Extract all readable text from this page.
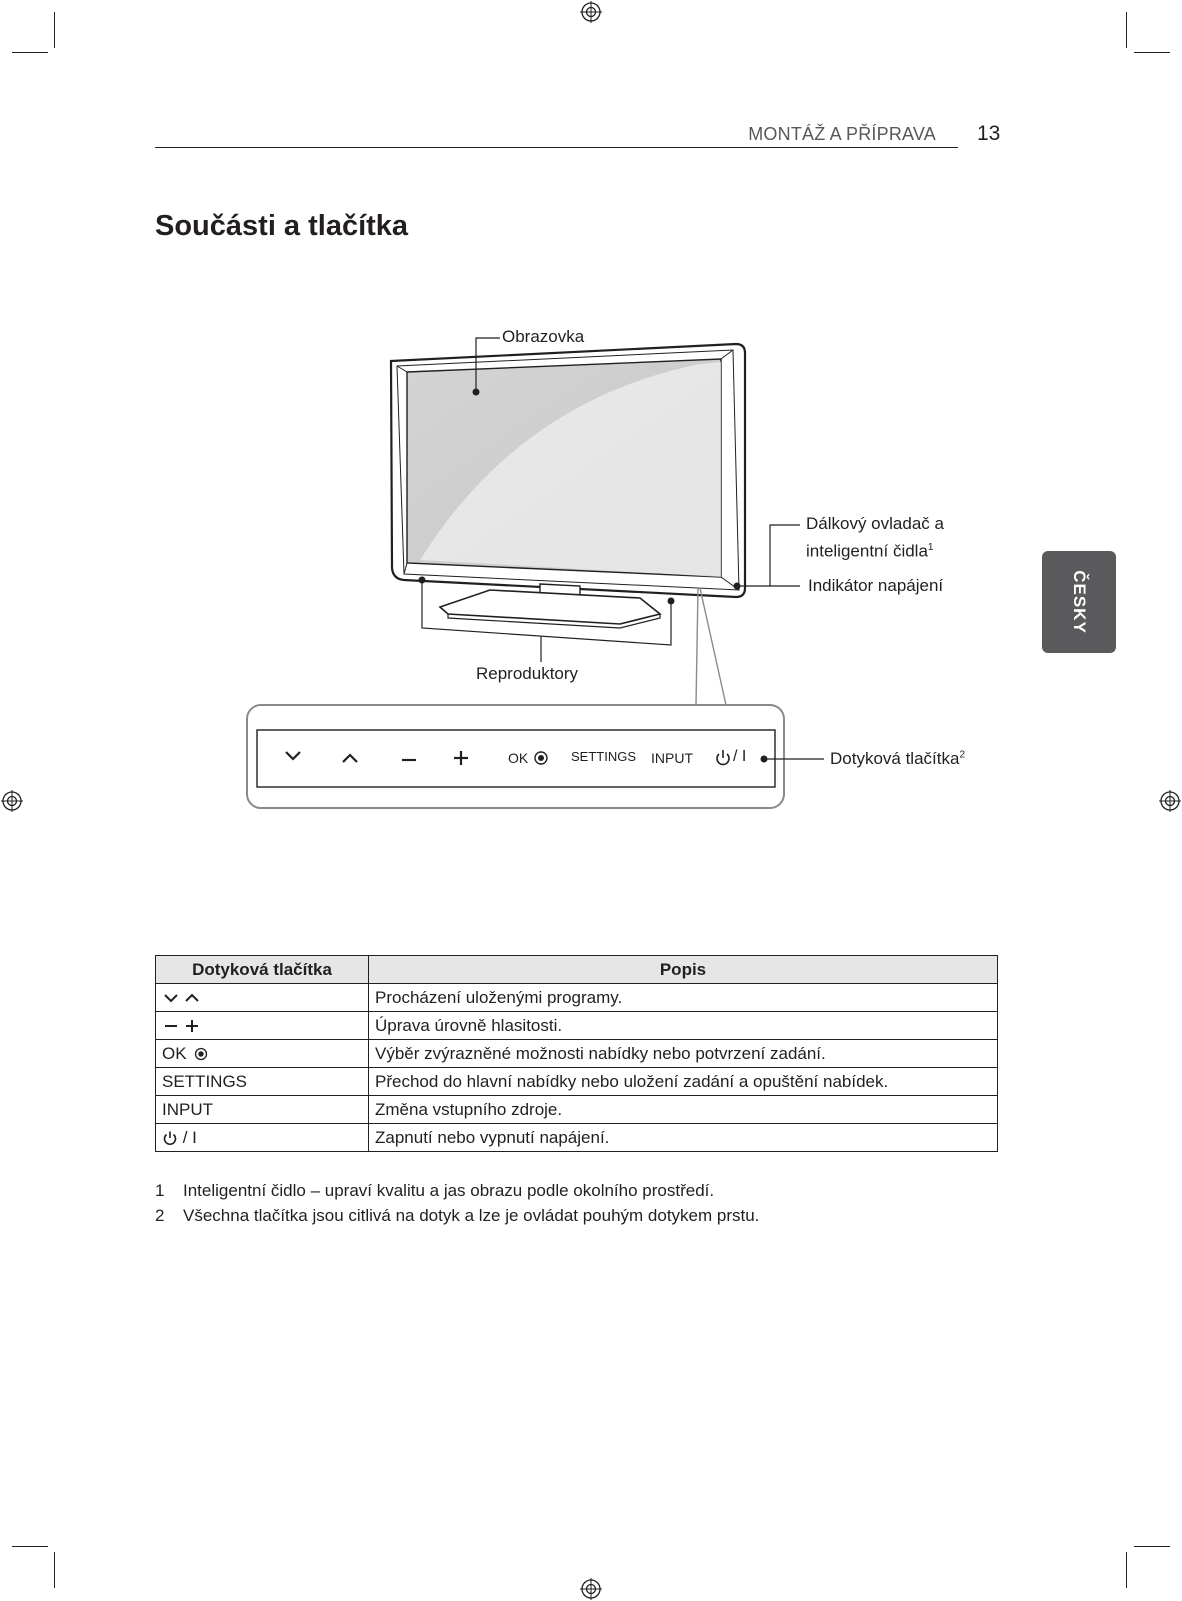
MONTÁŽ A PŘÍPRAVA 13
Součásti a tlačítka
ČESKY
Obrazovka
Dálkový ovladač a
inteligentní čidla$^1$
Indikátor napájení
Reproduktory
Dotyková tlačítka$^2$
OK	SETTINGS INPUT	/ I
Dotyková tlačítka	Popis
	Procházení uloženými programy.
	Úprava úrovně hlasitosti.
OK	Výběr zvýrazněné možnosti nabídky nebo potvrzení zadání.
SETTINGS	Přechod do hlavní nabídky nebo uložení zadání a opuštění nabídek.
INPUT	Změna vstupního zdroje.
/ I	Zapnutí nebo vypnutí napájení.
1 Inteligentní čidlo – upraví kvalitu a jas obrazu podle okolního prostředí.
2 Všechna tlačítka jsou citlivá na dotyk a lze je ovládat pouhým dotykem prstu.
